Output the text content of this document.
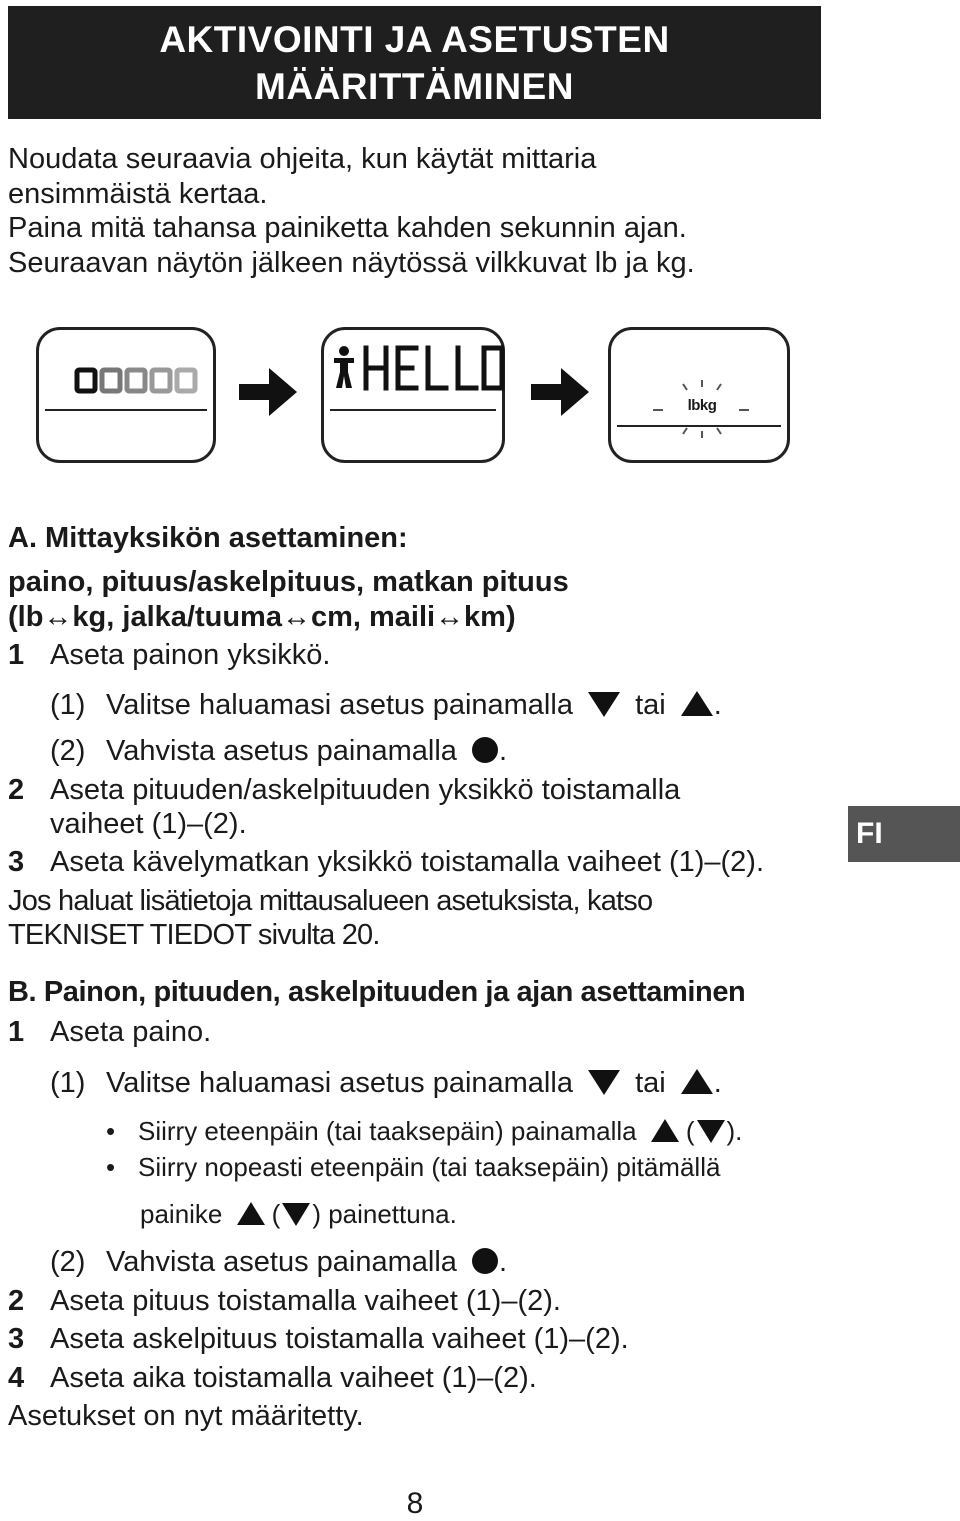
AKTIVOINTI JA ASETUSTEN
MÄÄRITTÄMINEN
Noudata seuraavia ohjeita, kun käytät mittaria
ensimmäistä kertaa.
Paina mitä tahansa painiketta kahden sekunnin ajan.
Seuraavan näytön jälkeen näytössä vilkkuvat lb ja kg.
lbkg
A. Mittayksikön asettaminen:
paino, pituus/askelpituus, matkan pituus
(lb↔kg, jalka/tuuma↔cm, maili↔km)
1 Aseta painon yksikkö.
(1) Valitse haluamasi asetus painamalla tai .
(2) Vahvista asetus painamalla .
2 Aseta pituuden/askelpituuden yksikkö toistamalla
vaiheet (1)–(2).
3 Aseta kävelymatkan yksikkö toistamalla vaiheet (1)–(2).
Jos haluat lisätietoja mittausalueen asetuksista, katso
TEKNISET TIEDOT sivulta 20.
FI
B. Painon, pituuden, askelpituuden ja ajan asettaminen
1 Aseta paino.
(1) Valitse haluamasi asetus painamalla tai .
• Siirry eteenpäin (tai taaksepäin) painamalla ( ).
• Siirry nopeasti eteenpäin (tai taaksepäin) pitämällä
painike ( ) painettuna.
(2) Vahvista asetus painamalla .
2 Aseta pituus toistamalla vaiheet (1)–(2).
3 Aseta askelpituus toistamalla vaiheet (1)–(2).
4 Aseta aika toistamalla vaiheet (1)–(2).
Asetukset on nyt määritetty.
8
